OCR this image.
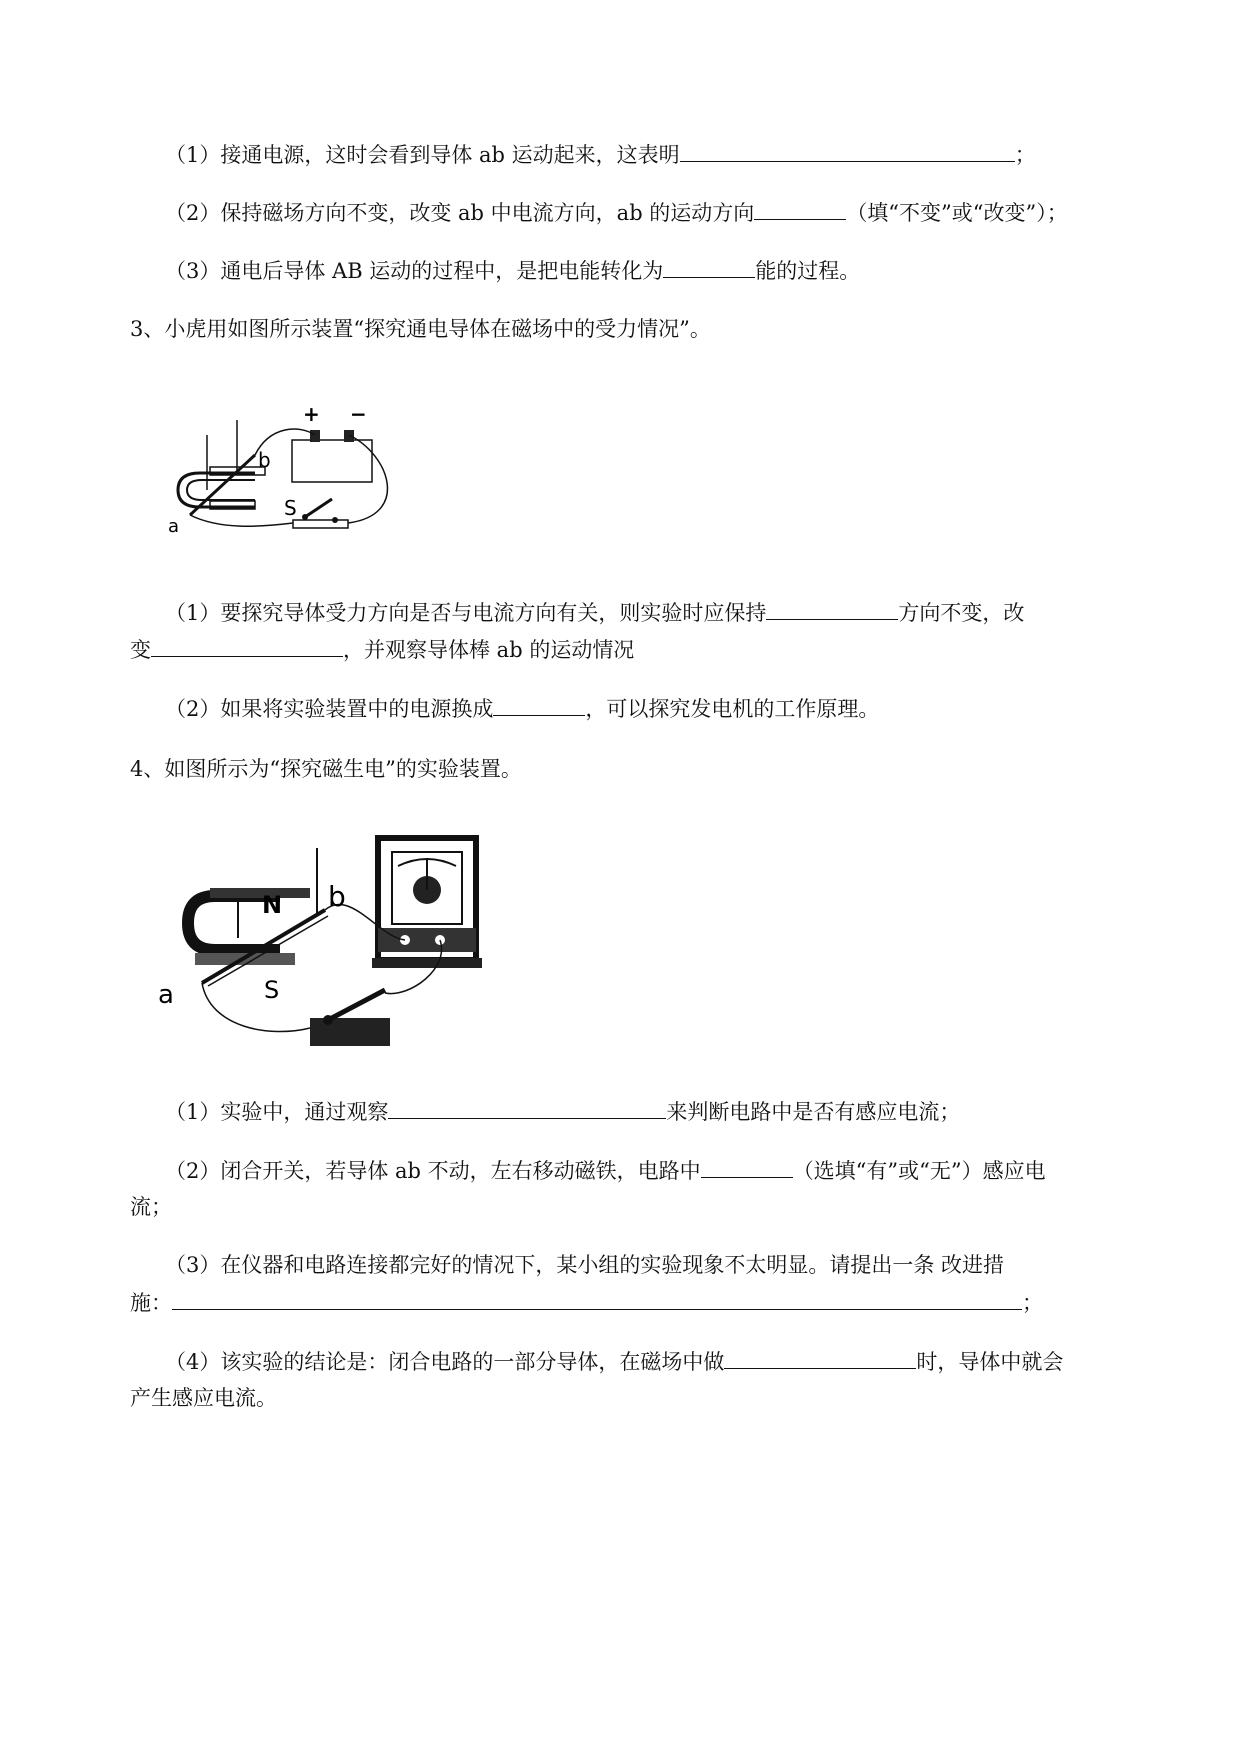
（1）接通电源，这时会看到导体 ab 运动起来，这表明	；
（2）保持磁场方向不变，改变 ab 中电流方向，ab 的运动方向	（填“不变”或“改变”）；
（3）通电后导体 AB 运动的过程中，是把电能转化为	能的过程。
3、小虎用如图所示装置“探究通电导体在磁场中的受力情况”。
+ −
b
a
S
（1）要探究导体受力方向是否与电流方向有关，则实验时应保持	方向不变，改
变	，并观察导体棒 ab 的运动情况
（2）如果将实验装置中的电源换成	，可以探究发电机的工作原理。
4、如图所示为“探究磁生电”的实验装置。
N b
a	S
（1）实验中，通过观察	来判断电路中是否有感应电流；
（2）闭合开关，若导体 ab 不动，左右移动磁铁，电路中	（选填“有”或“无”）感应电
流；
（3）在仪器和电路连接都完好的情况下，某小组的实验现象不太明显。请提出一条 改进措
施：	；
（4）该实验的结论是：闭合电路的一部分导体，在磁场中做	时，导体中就会
产生感应电流。
